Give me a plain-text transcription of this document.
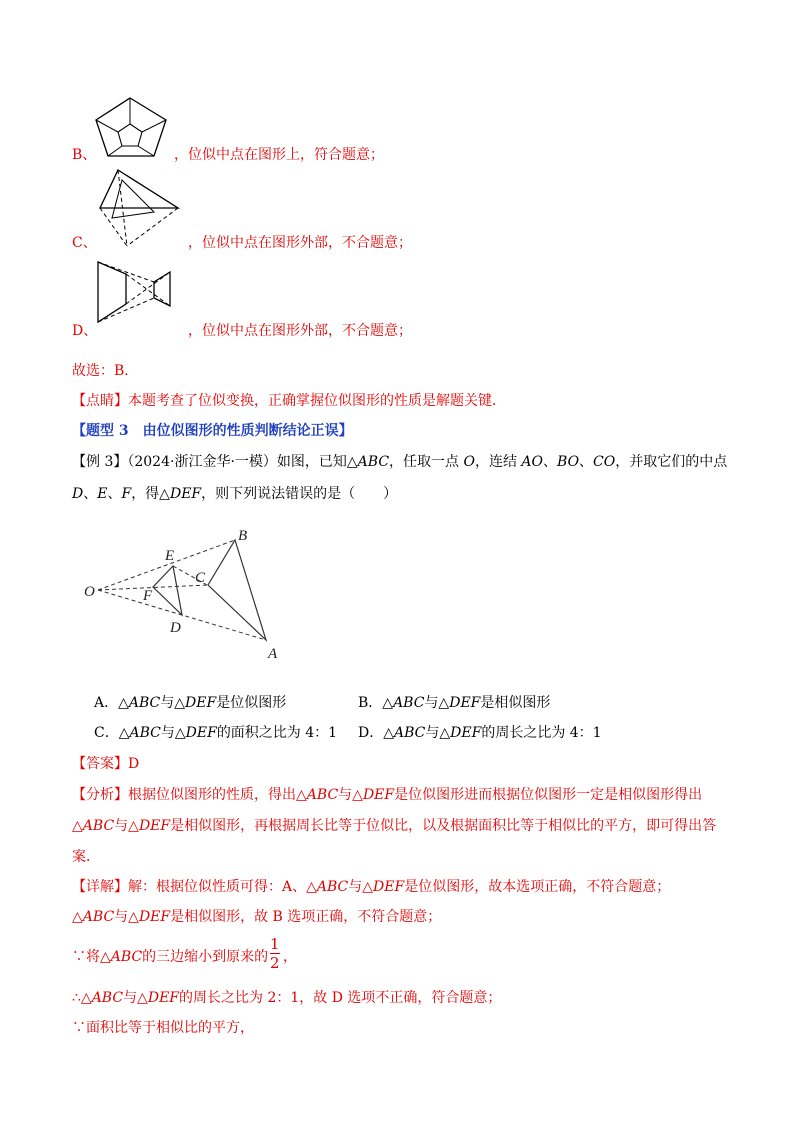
B、	，位似中点在图形上，符合题意；
C、	，位似中点在图形外部，不合题意；
D、	，位似中点在图形外部，不合题意；
故选：B．
【点睛】本题考查了位似变换，正确掌握位似图形的性质是解题关键．
【题型 3　由位似图形的性质判断结论正误】
【例 3】（2024·浙江金华·一模）如图，已知△ABC，任取一点 O，连结 AO、BO、CO，并取它们的中点
D、E、F，得△DEF，则下列说法错误的是（　　）
B
A
C
E
F
D
O
A．△ABC与△DEF是位似图形	B．△ABC与△DEF是相似图形
C．△ABC与△DEF的面积之比为 4：1 D．△ABC与△DEF的周长之比为 4：1
【答案】D
【分析】根据位似图形的性质，得出△ABC与△DEF是位似图形进而根据位似图形一定是相似图形得出
△ABC与△DEF是相似图形，再根据周长比等于位似比，以及根据面积比等于相似比的平方，即可得出答
案．
【详解】解：根据位似性质可得：A、△ABC与△DEF是位似图形，故本选项正确，不符合题意；
△ABC与△DEF是相似图形，故 B 选项正确，不符合题意；
∵将△ABC的三边缩小到原来的
1
2 ，
∴△ABC与△DEF的周长之比为 2：1，故 D 选项不正确，符合题意；
∵面积比等于相似比的平方，
